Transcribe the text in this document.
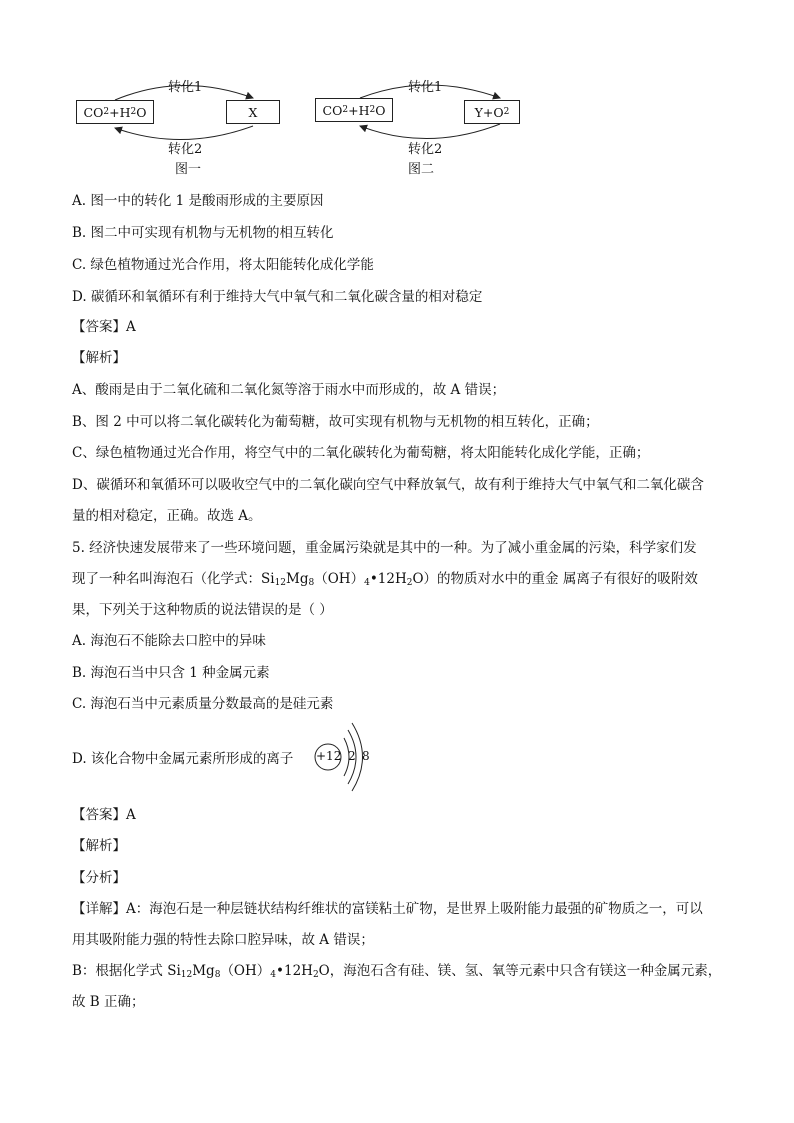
转化1
CO 2 +H 2 O	X
转化2
图一
转化1
CO 2 +H 2 O	Y+O 2
转化2
图二
A. 图一中的转化 1 是酸雨形成的主要原因
B. 图二中可实现有机物与无机物的相互转化
C. 绿色植物通过光合作用，将太阳能转化成化学能
D. 碳循环和氧循环有利于维持大气中氧气和二氧化碳含量的相对稳定
【答案】A
【解析】
A、酸雨是由于二氧化硫和二氧化氮等溶于雨水中而形成的，故 A 错误；
B、图 2 中可以将二氧化碳转化为葡萄糖，故可实现有机物与无机物的相互转化，正确；
C、绿色植物通过光合作用，将空气中的二氧化碳转化为葡萄糖，将太阳能转化成化学能，正确；
D、碳循环和氧循环可以吸收空气中的二氧化碳向空气中释放氧气，故有利于维持大气中氧气和二氧化碳含
量的相对稳定，正确。故选 A。
5. 经济快速发展带来了一些环境问题，重金属污染就是其中的一种。为了减小重金属的污染，科学家们发
现了一种名叫海泡石（化学式：$Si_{12}Mg_8(OH)_4•12H_2O$）的物质对水中的重金 属离子有很好的吸附效
果，下列关于这种物质的说法错误的是（ ）
A. 海泡石不能除去口腔中的异味
B. 海泡石当中只含 1 种金属元素
C. 海泡石当中元素质量分数最高的是硅元素
D. 该化合物中金属元素所形成的离子 +12 2 8
【答案】A
【解析】
【分析】
【详解】A：海泡石是一种层链状结构纤维状的富镁粘土矿物，是世界上吸附能力最强的矿物质之一，可以
用其吸附能力强的特性去除口腔异味，故 A 错误；
B：根据化学式 $Si_{12}Mg_8(OH)_4•12H_2O$，海泡石含有硅、镁、氢、氧等元素中只含有镁这一种金属元素，
故 B 正确；
